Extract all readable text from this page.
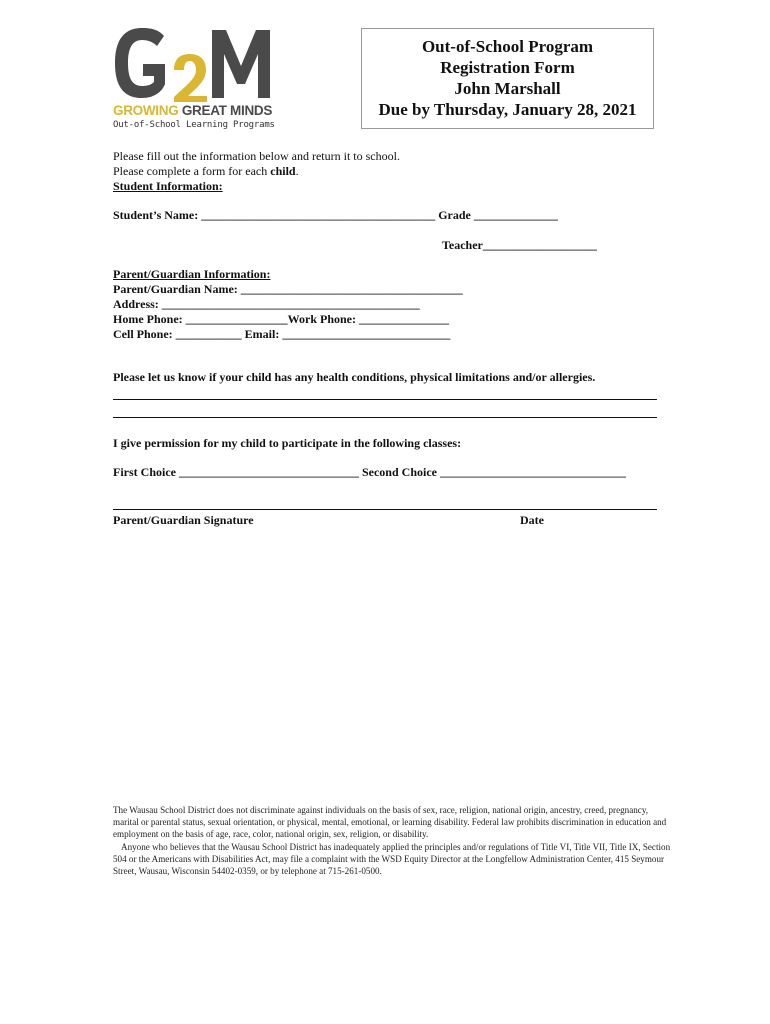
GROWING GREAT MINDS
Out-of-School Learning Programs
Out-of-School Program
Registration Form
John Marshall
Due by Thursday, January 28, 2021
Please fill out the information below and return it to school.
Please complete a form for each child.
Student Information:
Student’s Name: _______________________________________ Grade ______________
Teacher___________________
Parent/Guardian Information:
Parent/Guardian Name: _____________________________________
Address: ___________________________________________
Home Phone: _________________Work Phone: _______________
Cell Phone: ___________ Email: ____________________________
Please let us know if your child has any health conditions, physical limitations and/or allergies.
I give permission for my child to participate in the following classes:
First Choice ______________________________ Second Choice _______________________________
Parent/Guardian Signature	Date

The Wausau School District does not discriminate against individuals on the basis of sex, race, religion, national origin, ancestry, creed, pregnancy, marital or parental status, sexual orientation, or physical, mental, emotional, or learning disability. Federal law prohibits discrimination in education and employment on the basis of age, race, color, national origin, sex, religion, or disability.

Anyone who believes that the Wausau School District has inadequately applied the principles and/or regulations of Title VI, Title VII, Title IX, Section 504 or the Americans with Disabilities Act, may file a complaint with the WSD Equity Director at the Longfellow Administration Center, 415 Seymour Street, Wausau, Wisconsin 54402-0359, or by telephone at 715-261-0500.
